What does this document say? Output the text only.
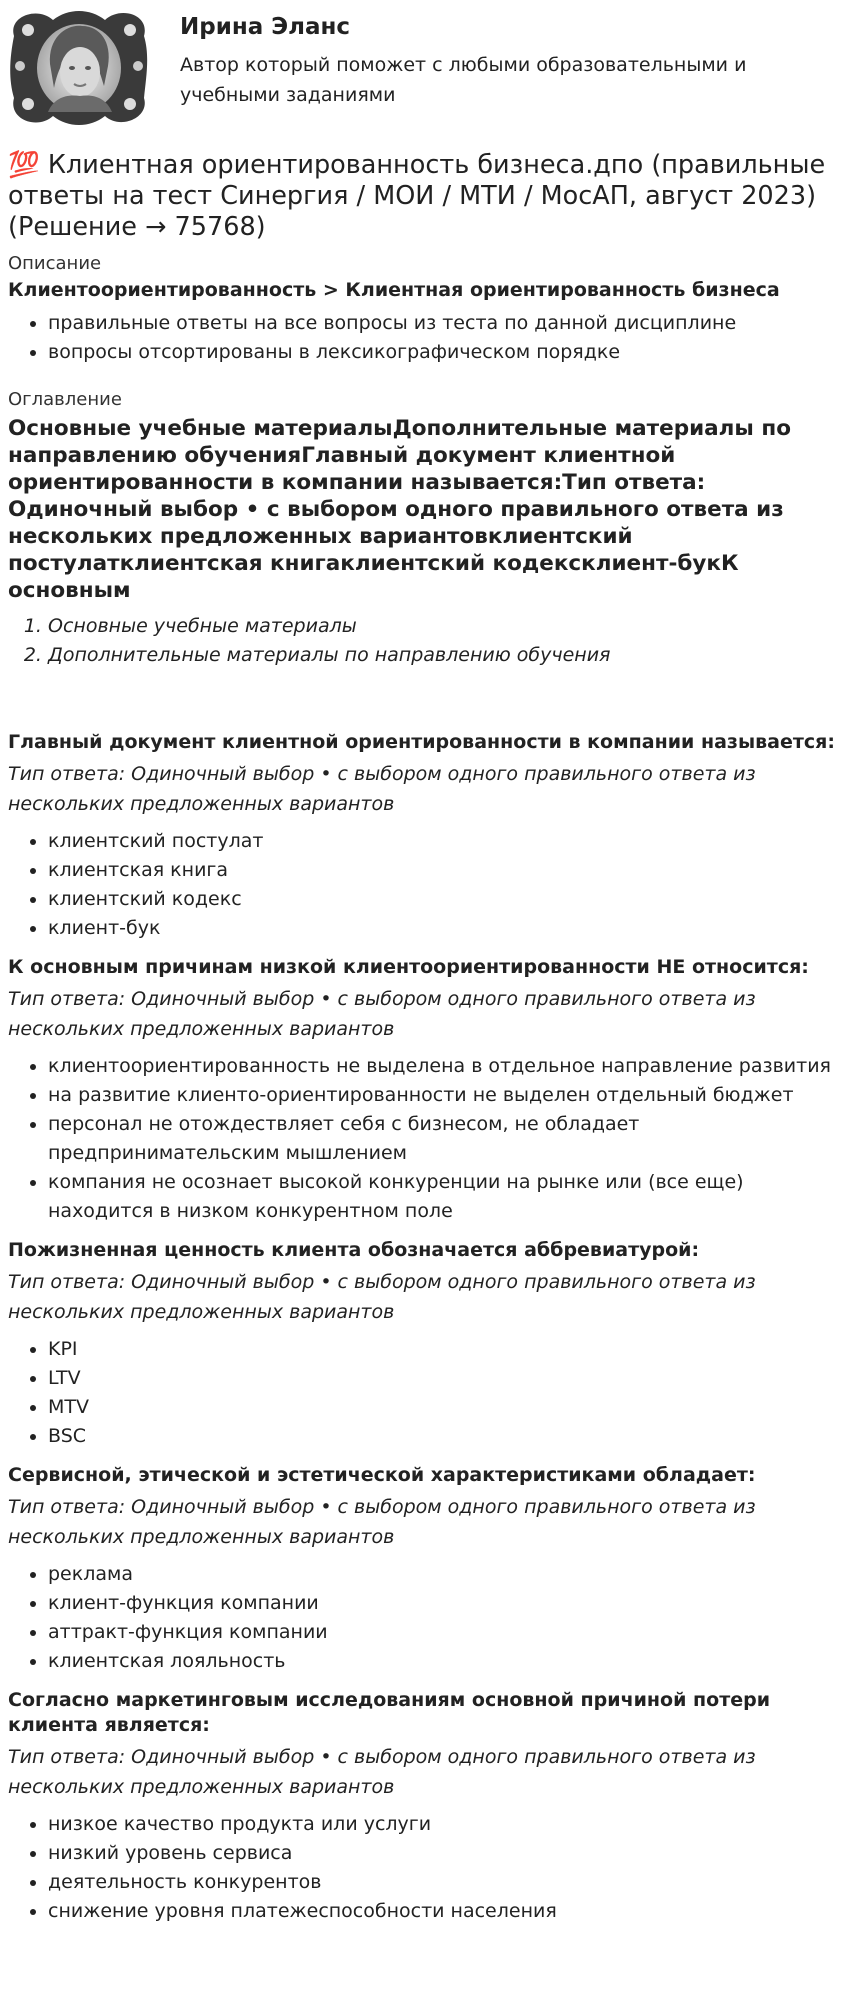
Ирина Эланс
Автор который поможет с любыми образовательными и учебными заданиями
💯 Клиентная ориентированность бизнеса.дпо (правильные ответы на тест Синергия / МОИ / МТИ / МосАП, август 2023) (Решение → 75768)
Описание
Клиентоориентированность > Клиентная ориентированность бизнеса
• правильные ответы на все вопросы из теста по данной дисциплине
• вопросы отсортированы в лексикографическом порядке
Оглавление
Основные учебные материалыДополнительные материалы по направлению обученияГлавный документ клиентной ориентированности в компании называется:Тип ответа: Одиночный выбор • с выбором одного правильного ответа из нескольких предложенных вариантовклиентский постулатклиентская книгаклиентский кодексклиент-букК основным
1. Основные учебные материалы
2. Дополнительные материалы по направлению обучения
Главный документ клиентной ориентированности в компании называется:
Тип ответа: Одиночный выбор • с выбором одного правильного ответа из нескольких предложенных вариантов
• клиентский постулат
• клиентская книга
• клиентский кодекс
• клиент-бук
К основным причинам низкой клиентоориентированности НЕ относится:
Тип ответа: Одиночный выбор • с выбором одного правильного ответа из нескольких предложенных вариантов
• клиентоориентированность не выделена в отдельное направление развития
• на развитие клиенто-ориентированности не выделен отдельный бюджет
• персонал не отождествляет себя с бизнесом, не обладает предпринимательским мышлением
• компания не осознает высокой конкуренции на рынке или (все еще) находится в низком конкурентном поле
Пожизненная ценность клиента обозначается аббревиатурой:
Тип ответа: Одиночный выбор • с выбором одного правильного ответа из нескольких предложенных вариантов
• KPI
• LTV
• MTV
• BSC
Сервисной, этической и эстетической характеристиками обладает:
Тип ответа: Одиночный выбор • с выбором одного правильного ответа из нескольких предложенных вариантов
• реклама
• клиент-функция компании
• аттракт-функция компании
• клиентская лояльность
Согласно маркетинговым исследованиям основной причиной потери клиента является:
Тип ответа: Одиночный выбор • с выбором одного правильного ответа из нескольких предложенных вариантов
• низкое качество продукта или услуги
• низкий уровень сервиса
• деятельность конкурентов
• снижение уровня платежеспособности населения
